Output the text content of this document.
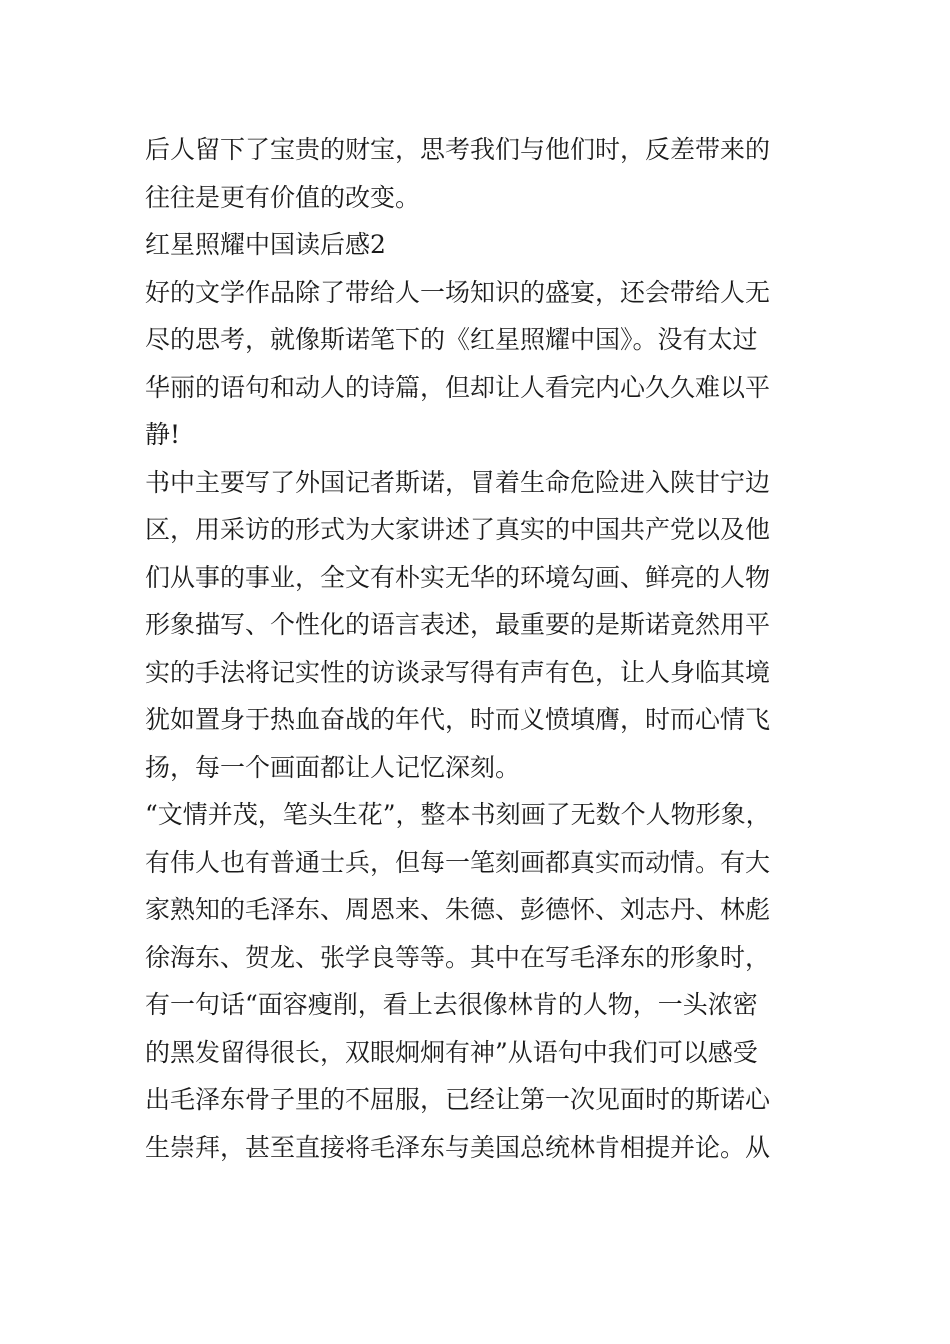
后人留下了宝贵的财宝，思考我们与他们时，反差带来的
往往是更有价值的改变。
红星照耀中国读后感2
好的文学作品除了带给人一场知识的盛宴，还会带给人无
尽的思考，就像斯诺笔下的《红星照耀中国》。没有太过
华丽的语句和动人的诗篇，但却让人看完内心久久难以平
静!
书中主要写了外国记者斯诺，冒着生命危险进入陕甘宁边
区，用采访的形式为大家讲述了真实的中国共产党以及他
们从事的事业，全文有朴实无华的环境勾画、鲜亮的人物
形象描写、个性化的语言表述，最重要的是斯诺竟然用平
实的手法将记实性的访谈录写得有声有色，让人身临其境
犹如置身于热血奋战的年代，时而义愤填膺，时而心情飞
扬，每一个画面都让人记忆深刻。
“文情并茂，笔头生花”，整本书刻画了无数个人物形象，
有伟人也有普通士兵，但每一笔刻画都真实而动情。有大
家熟知的毛泽东、周恩来、朱德、彭德怀、刘志丹、林彪
徐海东、贺龙、张学良等等。其中在写毛泽东的形象时，
有一句话“面容瘦削，看上去很像林肯的人物，一头浓密
的黑发留得很长，双眼炯炯有神”从语句中我们可以感受
出毛泽东骨子里的不屈服，已经让第一次见面时的斯诺心
生崇拜，甚至直接将毛泽东与美国总统林肯相提并论。从
